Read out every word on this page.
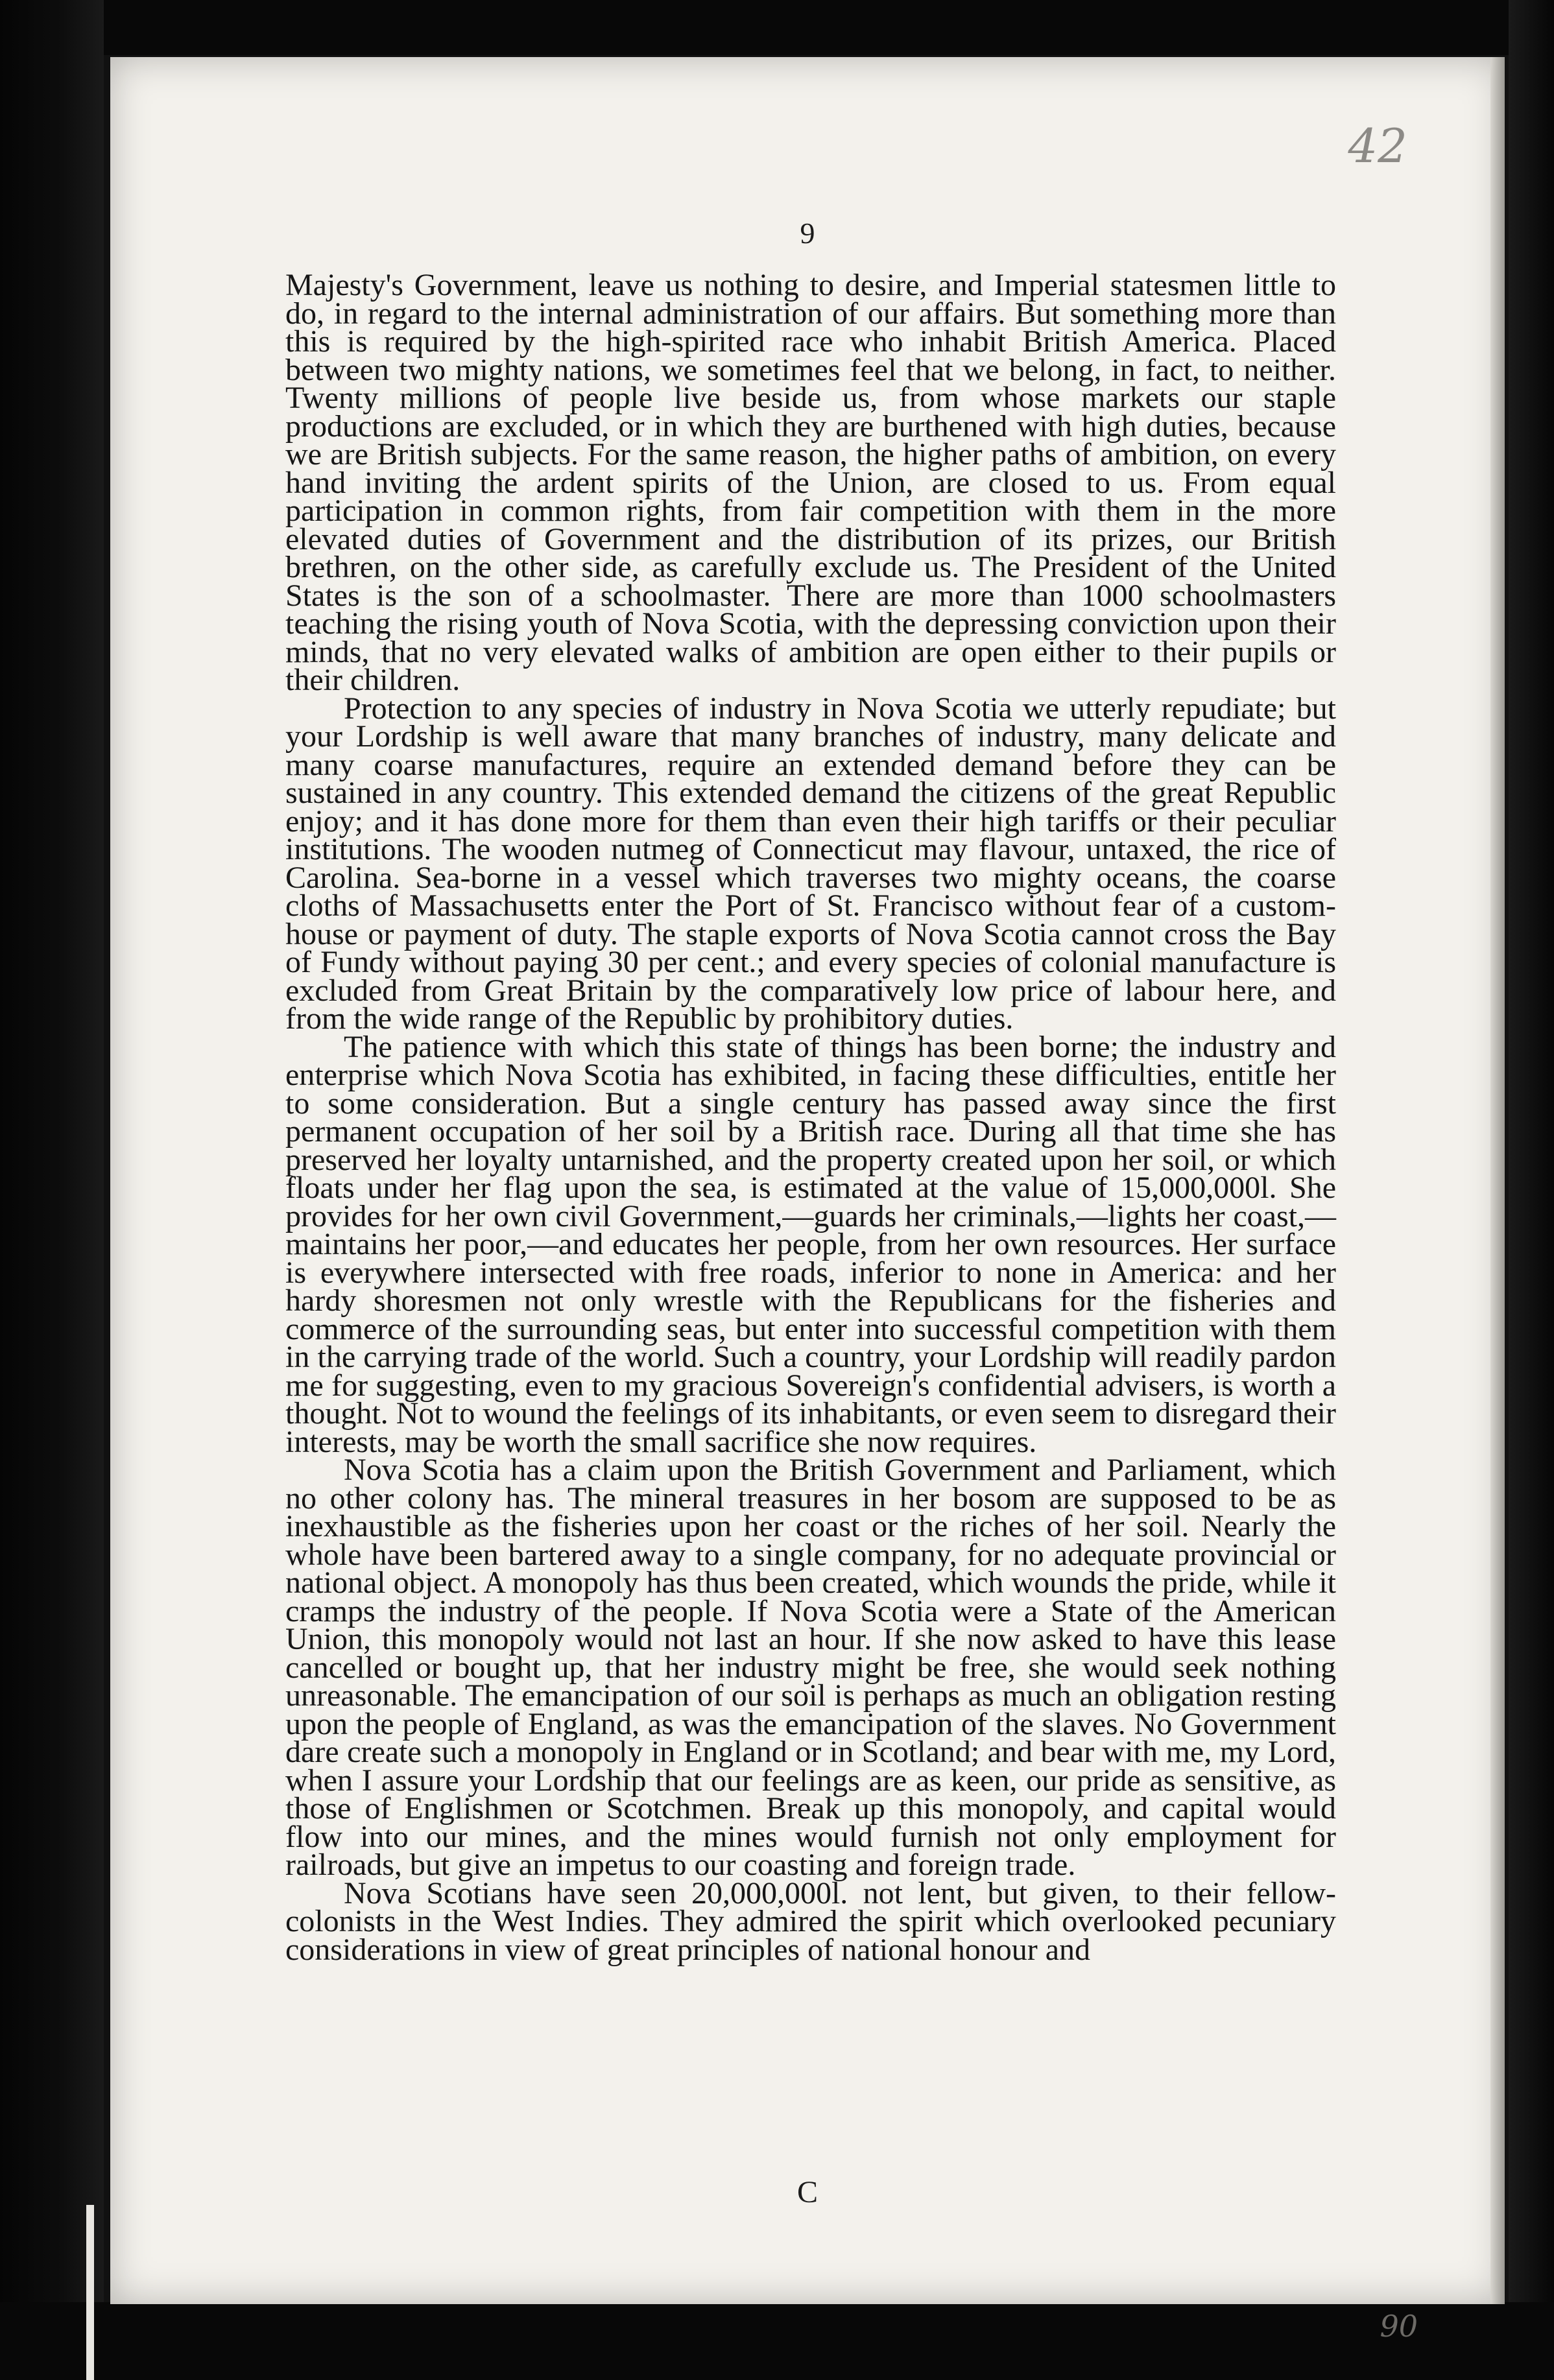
42
9

Majesty's Government, leave us nothing to desire, and Imperial statesmen little to do, in regard to the internal administration of our affairs. But something more than this is required by the high-spirited race who inhabit British America. Placed between two mighty nations, we sometimes feel that we belong, in fact, to neither. Twenty millions of people live beside us, from whose markets our staple productions are excluded, or in which they are burthened with high duties, because we are British subjects. For the same reason, the higher paths of ambition, on every hand inviting the ardent spirits of the Union, are closed to us. From equal participation in common rights, from fair competition with them in the more elevated duties of Government and the distribution of its prizes, our British brethren, on the other side, as carefully exclude us. The President of the United States is the son of a schoolmaster. There are more than 1000 schoolmasters teaching the rising youth of Nova Scotia, with the depressing conviction upon their minds, that no very elevated walks of ambition are open either to their pupils or their children.

Protection to any species of industry in Nova Scotia we utterly repudiate; but your Lordship is well aware that many branches of industry, many delicate and many coarse manufactures, require an extended demand before they can be sustained in any country. This extended demand the citizens of the great Republic enjoy; and it has done more for them than even their high tariffs or their peculiar institutions. The wooden nutmeg of Connecticut may flavour, untaxed, the rice of Carolina. Sea-borne in a vessel which traverses two mighty oceans, the coarse cloths of Massachusetts enter the Port of St. Francisco without fear of a custom-house or payment of duty. The staple exports of Nova Scotia cannot cross the Bay of Fundy without paying 30 per cent.; and every species of colonial manufacture is excluded from Great Britain by the comparatively low price of labour here, and from the wide range of the Republic by prohibitory duties.

The patience with which this state of things has been borne; the industry and enterprise which Nova Scotia has exhibited, in facing these difficulties, entitle her to some consideration. But a single century has passed away since the first permanent occupation of her soil by a British race. During all that time she has preserved her loyalty untarnished, and the property created upon her soil, or which floats under her flag upon the sea, is estimated at the value of 15,000,000l. She provides for her own civil Government,—guards her criminals,—lights her coast,—maintains her poor,—and educates her people, from her own resources. Her surface is everywhere intersected with free roads, inferior to none in America: and her hardy shoresmen not only wrestle with the Republicans for the fisheries and commerce of the surrounding seas, but enter into successful competition with them in the carrying trade of the world. Such a country, your Lordship will readily pardon me for suggesting, even to my gracious Sovereign's confidential advisers, is worth a thought. Not to wound the feelings of its inhabitants, or even seem to disregard their interests, may be worth the small sacrifice she now requires.

Nova Scotia has a claim upon the British Government and Parliament, which no other colony has. The mineral treasures in her bosom are supposed to be as inexhaustible as the fisheries upon her coast or the riches of her soil. Nearly the whole have been bartered away to a single company, for no adequate provincial or national object. A monopoly has thus been created, which wounds the pride, while it cramps the industry of the people. If Nova Scotia were a State of the American Union, this monopoly would not last an hour. If she now asked to have this lease cancelled or bought up, that her industry might be free, she would seek nothing unreasonable. The emancipation of our soil is perhaps as much an obligation resting upon the people of England, as was the emancipation of the slaves. No Government dare create such a monopoly in England or in Scotland; and bear with me, my Lord, when I assure your Lordship that our feelings are as keen, our pride as sensitive, as those of Englishmen or Scotchmen. Break up this monopoly, and capital would flow into our mines, and the mines would furnish not only employment for railroads, but give an impetus to our coasting and foreign trade.

Nova Scotians have seen 20,000,000l. not lent, but given, to their fellow-colonists in the West Indies. They admired the spirit which overlooked pecuniary considerations in view of great principles of national honour and

C
90
